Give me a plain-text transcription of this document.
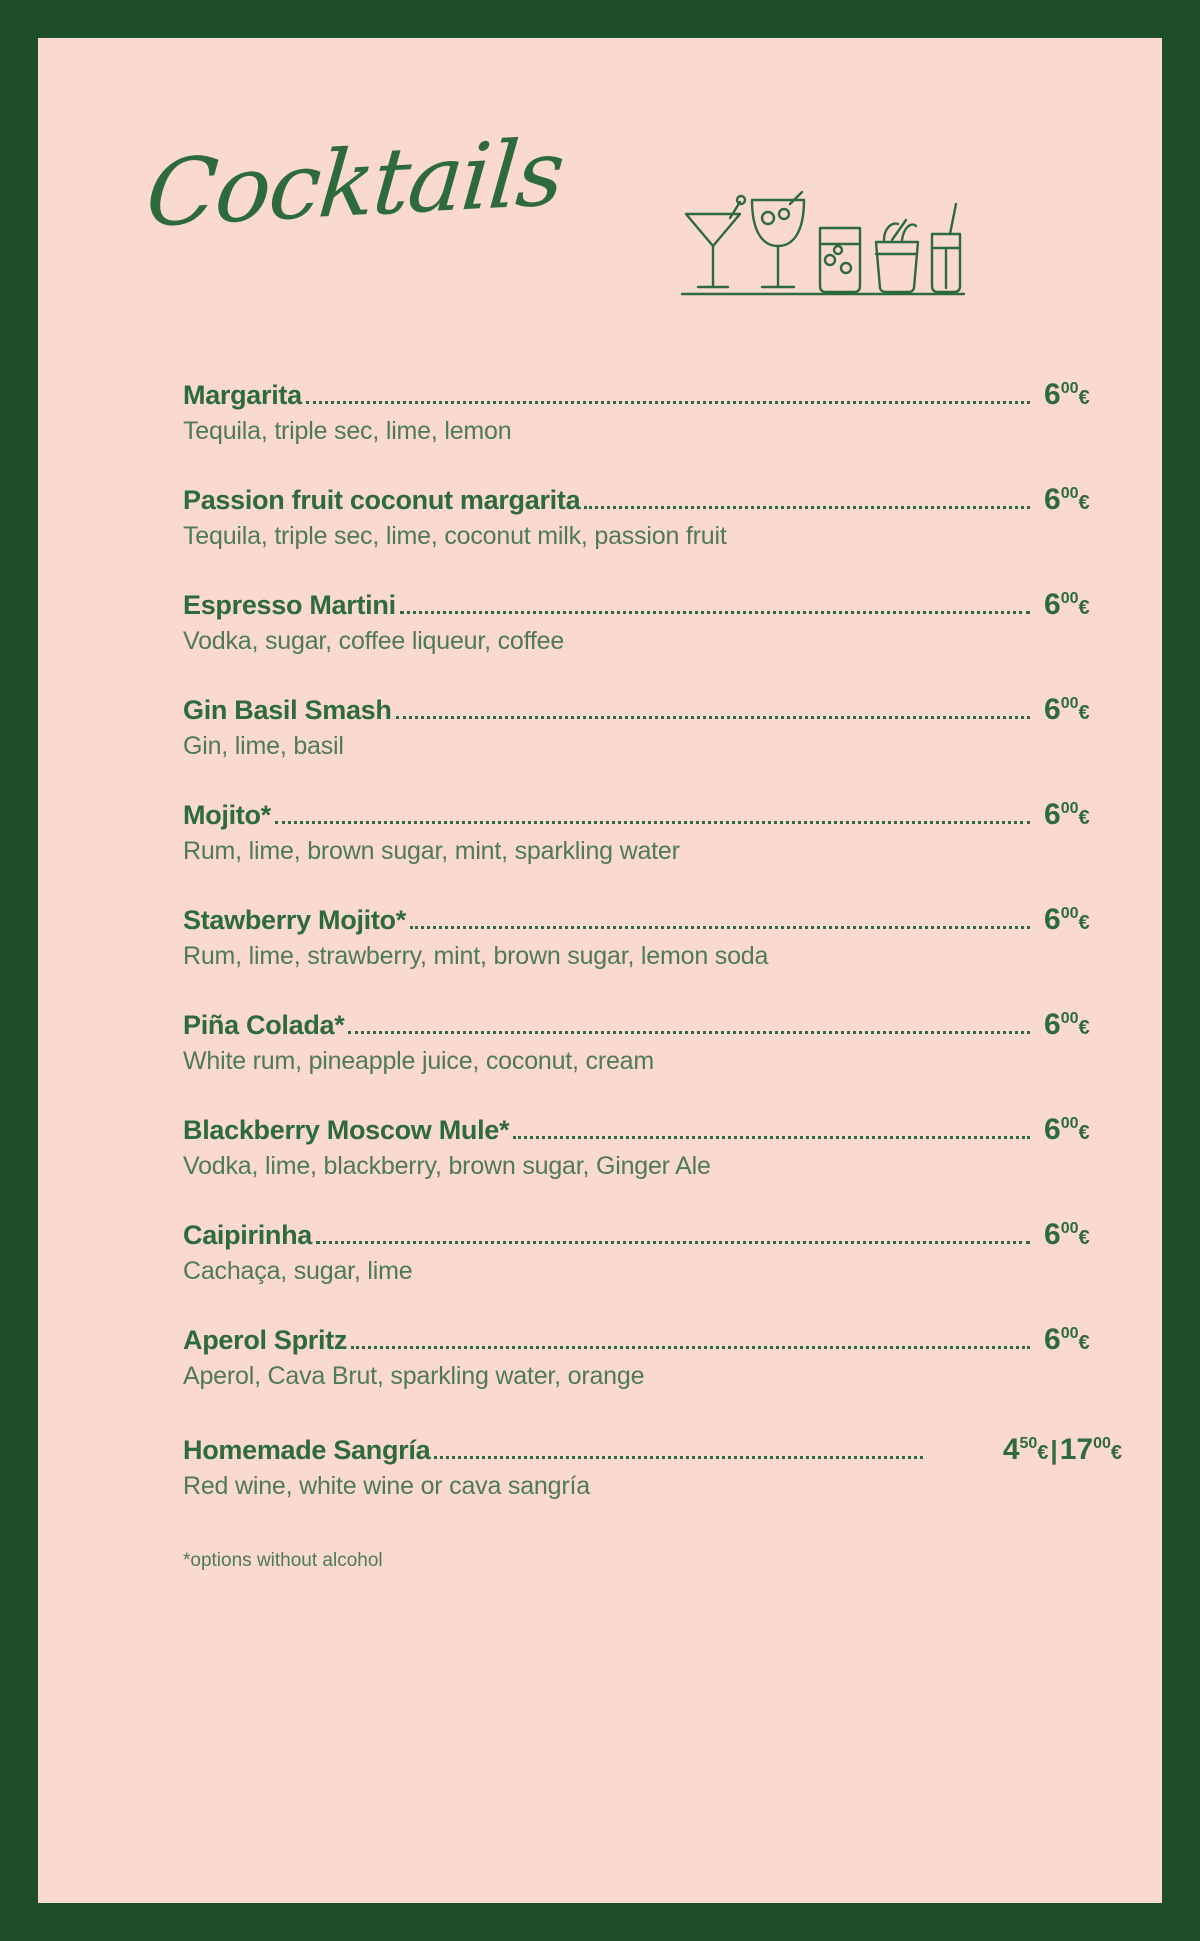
Cocktails
Margarita	$6^{00}€$
Tequila, triple sec, lime, lemon
Passion fruit coconut margarita	$6^{00}€$
Tequila, triple sec, lime, coconut milk, passion fruit
Espresso Martini	$6^{00}€$
Vodka, sugar, coffee liqueur, coffee
Gin Basil Smash	$6^{00}€$
Gin, lime, basil
Mojito*	$6^{00}€$
Rum, lime, brown sugar, mint, sparkling water
Stawberry Mojito*	$6^{00}€$
Rum, lime, strawberry, mint, brown sugar, lemon soda
Piña Colada*	$6^{00}€$
White rum, pineapple juice, coconut, cream
Blackberry Moscow Mule*	$6^{00}€$
Vodka, lime, blackberry, brown sugar, Ginger Ale
Caipirinha	$6^{00}€$
Cachaça, sugar, lime
Aperol Spritz	$6^{00}€$
Aperol, Cava Brut, sparkling water, orange
Homemade Sangría	$4^{50}€|17^{00}€$
Red wine, white wine or cava sangría
*options without alcohol
